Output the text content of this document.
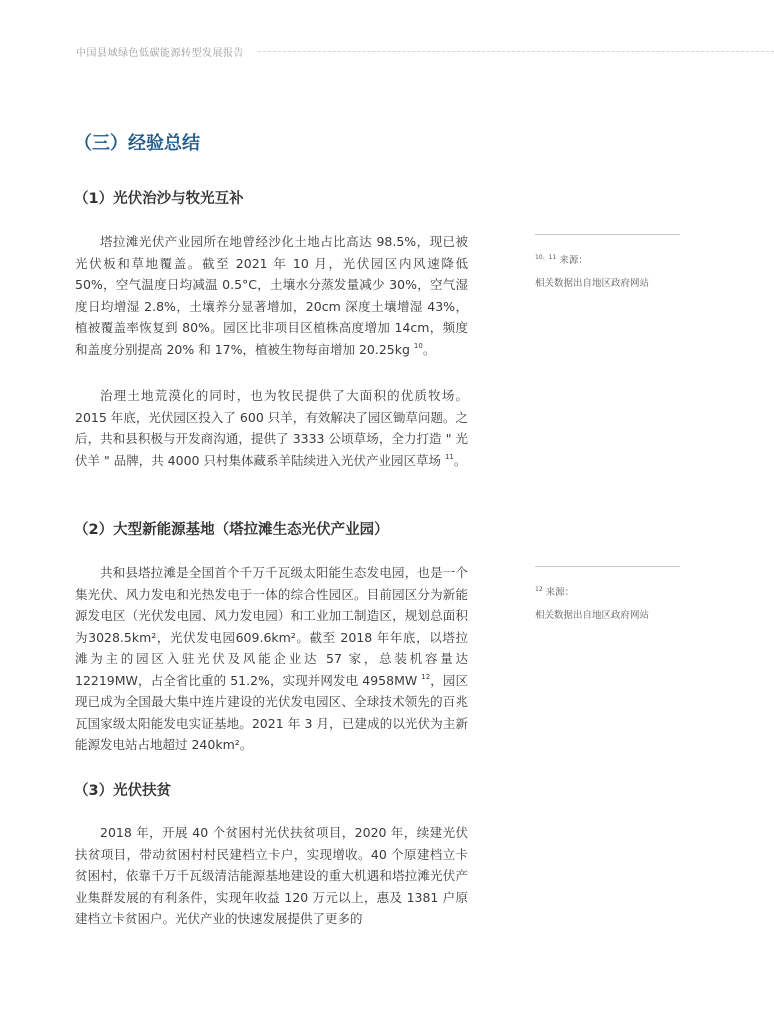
中国县域绿色低碳能源转型发展报告
（三）经验总结
（1）光伏治沙与牧光互补

塔拉滩光伏产业园所在地曾经沙化土地占比高达 98.5%，现已被光伏板和草地覆盖。截至 2021 年 10 月，光伏园区内风速降低 50%，空气温度日均减温 0.5°C，土壤水分蒸发量减少 30%，空气湿度日均增湿 2.8%，土壤养分显著增加，20cm 深度土壤增湿 43%，植被覆盖率恢复到 80%。园区比非项目区植株高度增加 14cm，频度和盖度分别提高 20% 和 17%，植被生物每亩增加 20.25kg $^{10}$。

治理土地荒漠化的同时，也为牧民提供了大面积的优质牧场。2015 年底，光伏园区投入了 600 只羊，有效解决了园区锄草问题。之后，共和县积极与开发商沟通，提供了 3333 公顷草场，全力打造 " 光伏羊 " 品牌，共 4000 只村集体藏系羊陆续进入光伏产业园区草场 $^{11}$。

（2）大型新能源基地（塔拉滩生态光伏产业园）

共和县塔拉滩是全国首个千万千瓦级太阳能生态发电园，也是一个集光伏、风力发电和光热发电于一体的综合性园区。目前园区分为新能源发电区（光伏发电园、风力发电园）和工业加工制造区，规划总面积为3028.5km²，光伏发电园609.6km²。截至 2018 年年底，以塔拉滩为主的园区入驻光伏及风能企业达 57 家，总装机容量达 12219MW，占全省比重的 51.2%，实现并网发电 4958MW $^{12}$，园区现已成为全国最大集中连片建设的光伏发电园区、全球技术领先的百兆瓦国家级太阳能发电实证基地。2021 年 3 月，已建成的以光伏为主新能源发电站占地超过 240km²。

（3）光伏扶贫

2018 年，开展 40 个贫困村光伏扶贫项目，2020 年，续建光伏扶贫项目，带动贫困村村民建档立卡户，实现增收。40 个原建档立卡贫困村，依靠千万千瓦级清洁能源基地建设的重大机遇和塔拉滩光伏产业集群发展的有利条件，实现年收益 120 万元以上，惠及 1381 户原建档立卡贫困户。光伏产业的快速发展提供了更多的

$^{10、11}$ 来源：
相关数据出自地区政府网站
$^{12}$ 来源：
相关数据出自地区政府网站
